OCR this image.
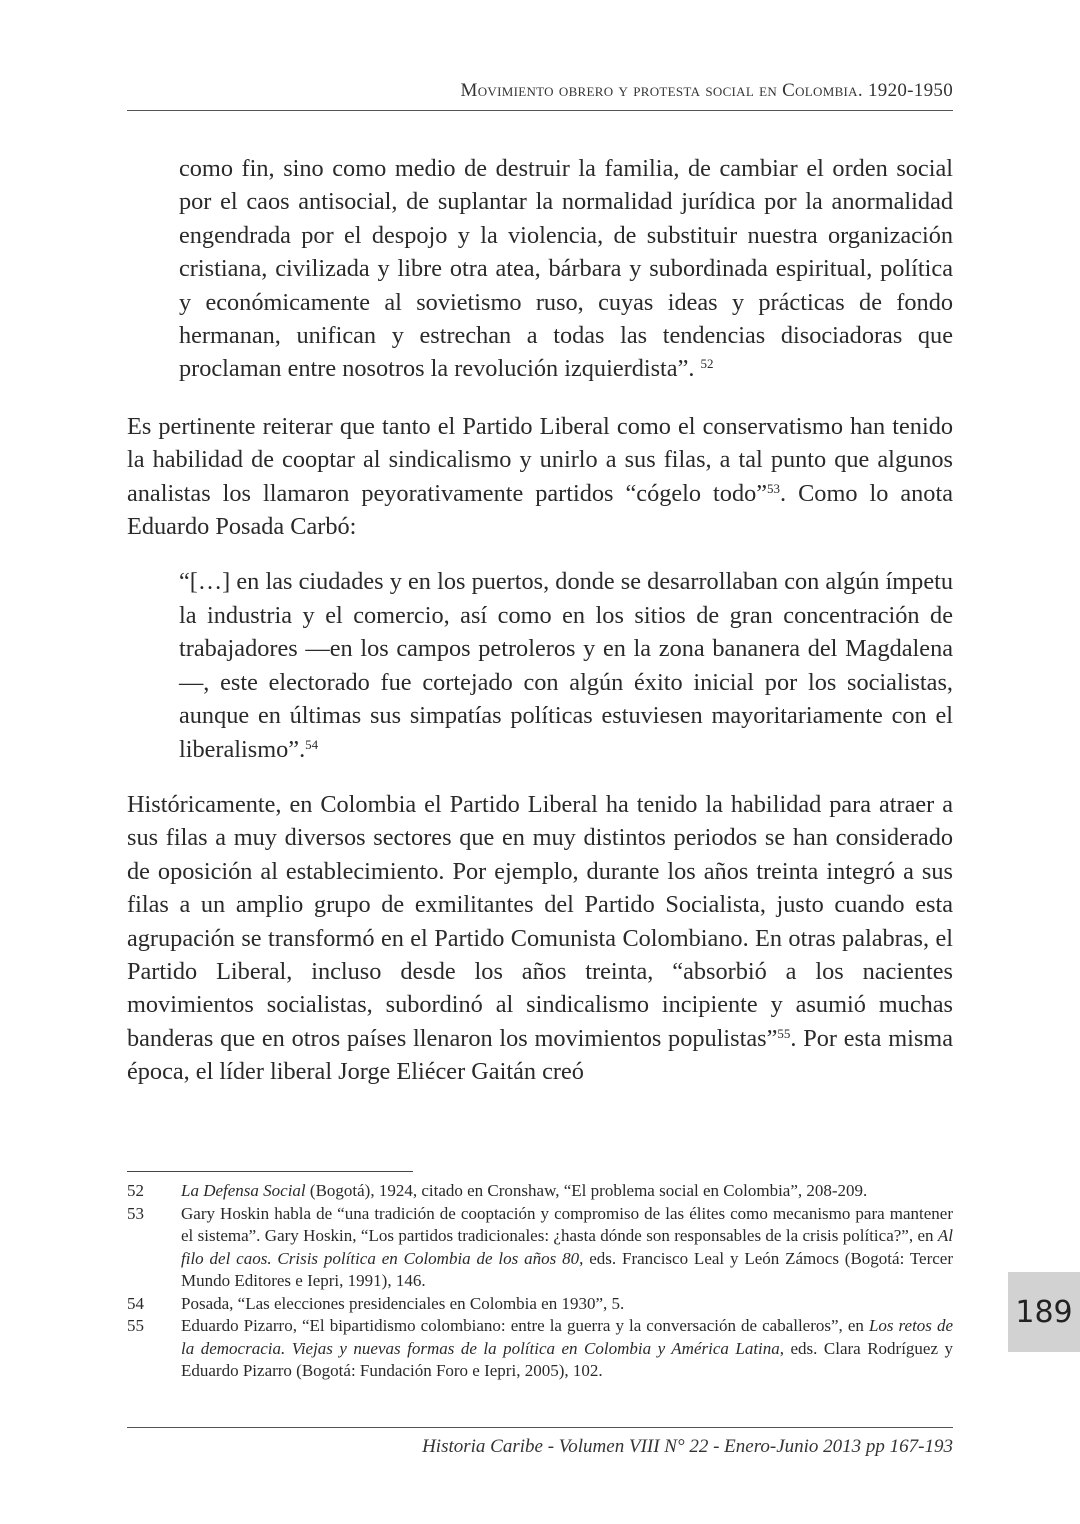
Movimiento obrero y protesta social en Colombia. 1920-1950

como fin, sino como medio de destruir la familia, de cambiar el orden social por el caos antisocial, de suplantar la normalidad jurídica por la anormalidad engendrada por el despojo y la violencia, de substituir nuestra organización cristiana, civilizada y libre otra atea, bárbara y subordinada espiritual, política y económicamente al sovietismo ruso, cuyas ideas y prácticas de fondo hermanan, unifican y estrechan a todas las tendencias disociadoras que proclaman entre nosotros la revolución izquierdista”. $^{52}$

Es pertinente reiterar que tanto el Partido Liberal como el conservatismo han tenido la habilidad de cooptar al sindicalismo y unirlo a sus filas, a tal punto que algunos analistas los llamaron peyorativamente partidos “cógelo todo”$^{53}$. Como lo anota Eduardo Posada Carbó:

“[…] en las ciudades y en los puertos, donde se desarrollaban con algún ímpetu la industria y el comercio, así como en los sitios de gran concentración de trabajadores —en los campos petroleros y en la zona bananera del Magdalena—, este electorado fue cortejado con algún éxito inicial por los socialistas, aunque en últimas sus simpatías políticas estuviesen mayoritariamente con el liberalismo”.$^{54}$

Históricamente, en Colombia el Partido Liberal ha tenido la habilidad para atraer a sus filas a muy diversos sectores que en muy distintos periodos se han considerado de oposición al establecimiento. Por ejemplo, durante los años treinta integró a sus filas a un amplio grupo de exmilitantes del Partido Socialista, justo cuando esta agrupación se transformó en el Partido Comunista Colombiano. En otras palabras, el Partido Liberal, incluso desde los años treinta, “absorbió a los nacientes movimientos socialistas, subordinó al sindicalismo incipiente y asumió muchas banderas que en otros países llenaron los movimientos populistas”$^{55}$. Por esta misma época, el líder liberal Jorge Eliécer Gaitán creó

52	La Defensa Social (Bogotá), 1924, citado en Cronshaw, “El problema social en Colombia”, 208-209.
53	Gary Hoskin habla de “una tradición de cooptación y compromiso de las élites como mecanismo para mantener el sistema”. Gary Hoskin, “Los partidos tradicionales: ¿hasta dónde son responsables de la crisis política?”, en Al filo del caos. Crisis política en Colombia de los años 80, eds. Francisco Leal y León Zámocs (Bogotá: Tercer Mundo Editores e Iepri, 1991), 146.
54	Posada, “Las elecciones presidenciales en Colombia en 1930”, 5.
55	Eduardo Pizarro, “El bipartidismo colombiano: entre la guerra y la conversación de caballeros”, en Los retos de la democracia. Viejas y nuevas formas de la política en Colombia y América Latina, eds. Clara Rodríguez y Eduardo Pizarro (Bogotá: Fundación Foro e Iepri, 2005), 102.
Historia Caribe - Volumen VIII N° 22 - Enero-Junio 2013 pp 167-193
189
